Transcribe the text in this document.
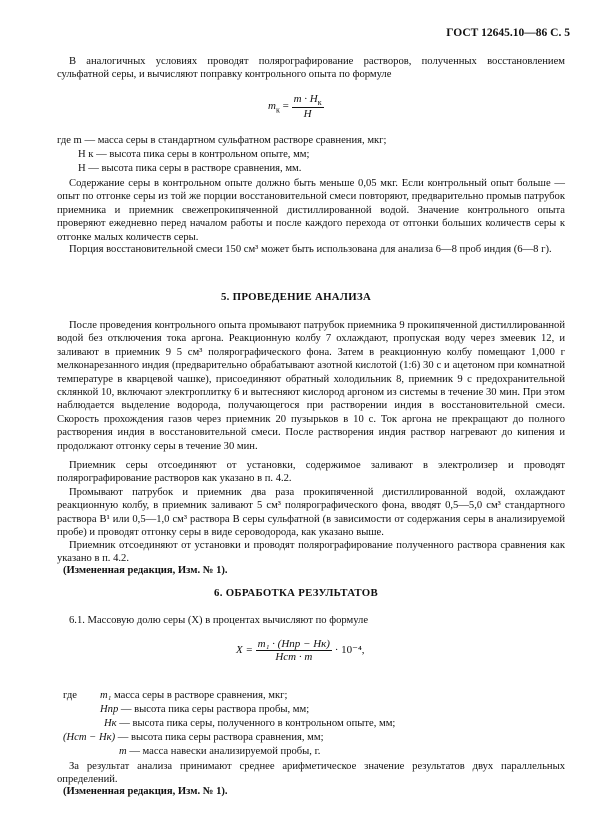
ГОСТ 12645.10—86 С. 5

В аналогичных условиях проводят полярографирование растворов, полученных восстановлением сульфатной серы, и вычисляют поправку контрольного опыта по формуле

$m_к$ =
$m \cdot H_к$
H
где m — масса серы в стандартном сульфатном растворе сравнения, мкг;
H к — высота пика серы в контрольном опыте, мм;
H — высота пика серы в растворе сравнения, мм.

Содержание серы в контрольном опыте должно быть меньше 0,05 мкг. Если контрольный опыт больше — опыт по отгонке серы из той же порции восстановительной смеси повторяют, предварительно промыв патрубок приемника и приемник свежепрокипяченной дистиллированной водой. Значение контрольного опыта проверяют ежедневно перед началом работы и после каждого перехода от отгонки больших количеств серы к отгонке малых количеств серы.

Порция восстановительной смеси 150 см³ может быть использована для анализа 6—8 проб индия (6—8 г).

5. ПРОВЕДЕНИЕ АНАЛИЗА

После проведения контрольного опыта промывают патрубок приемника 9 прокипяченной дистиллированной водой без отключения тока аргона. Реакционную колбу 7 охлаждают, пропуская воду через змеевик 12, и заливают в приемник 9 5 см³ полярографического фона. Затем в реакционную колбу помещают 1,000 г мелконарезанного индия (предварительно обрабатывают азотной кислотой (1:6) 30 с и ацетоном при комнатной температуре в кварцевой чашке), присоединяют обратный холодильник 8, приемник 9 с предохранительной склянкой 10, включают электроплитку 6 и вытесняют кислород аргоном из системы в течение 30 мин. При этом наблюдается выделение водорода, получающегося при растворении индия в восстановительной смеси. Скорость прохождения газов через приемник 20 пузырьков в 10 с. Ток аргона не прекращают до полного растворения индия в восстановительной смеси. После растворения индия раствор нагревают до кипения и продолжают отгонку серы в течение 30 мин.

Приемник серы отсоединяют от установки, содержимое заливают в электролизер и проводят полярографирование растворов как указано в п. 4.2.

Промывают патрубок и приемник два раза прокипяченной дистиллированной водой, охлаждают реакционную колбу, в приемник заливают 5 см³ полярографического фона, вводят 0,5—5,0 см³ стандартного раствора В¹ или 0,5—1,0 см³ раствора В серы сульфатной (в зависимости от содержания серы в анализируемой пробе) и проводят отгонку серы в виде сероводорода, как указано выше.

Приемник отсоединяют от установки и проводят полярографирование полученного раствора сравнения как указано в п. 4.2.

(Измененная редакция, Изм. № 1).
6. ОБРАБОТКА РЕЗУЛЬТАТОВ

6.1. Массовую долю серы (X) в процентах вычисляют по формуле

X =
m₁ · (Hпр − Hк)
Hст · m
· 10⁻⁴,
где m₁ масса серы в растворе сравнения, мкг;
Hпр — высота пика серы раствора пробы, мм;
Hк — высота пика серы, полученного в контрольном опыте, мм;
(Hст − Hк) — высота пика серы раствора сравнения, мм;
m — масса навески анализируемой пробы, г.

За результат анализа принимают среднее арифметическое значение результатов двух параллельных определений.

(Измененная редакция, Изм. № 1).
